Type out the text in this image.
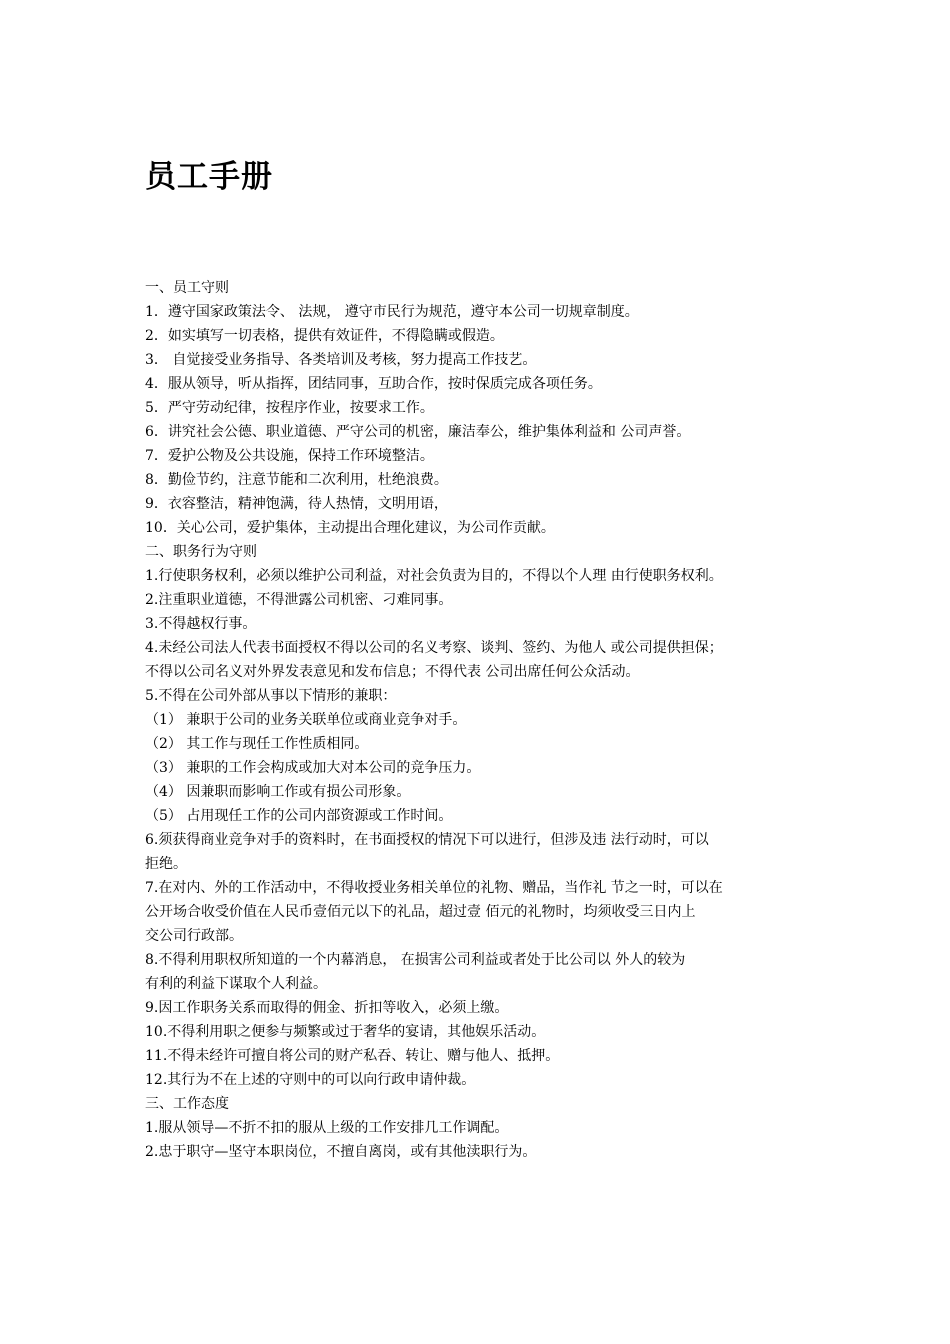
员工手册
一、员工守则
1．遵守国家政策法令、 法规， 遵守市民行为规范，遵守本公司一切规章制度。
2．如实填写一切表格，提供有效证件，不得隐瞒或假造。
3． 自觉接受业务指导、各类培训及考核，努力提高工作技艺。
4．服从领导，听从指挥，团结同事，互助合作，按时保质完成各项任务。
5．严守劳动纪律，按程序作业，按要求工作。
6．讲究社会公德、职业道德、严守公司的机密，廉洁奉公，维护集体利益和 公司声誉。
7．爱护公物及公共设施，保持工作环境整洁。
8．勤俭节约，注意节能和二次利用，杜绝浪费。
9．衣容整洁，精神饱满，待人热情，文明用语，
10．关心公司，爱护集体，主动提出合理化建议，为公司作贡献。
二、职务行为守则
1.行使职务权利，必须以维护公司利益，对社会负责为目的，不得以个人理 由行使职务权利。
2.注重职业道德，不得泄露公司机密、刁难同事。
3.不得越权行事。
4.未经公司法人代表书面授权不得以公司的名义考察、谈判、签约、为他人 或公司提供担保；
不得以公司名义对外界发表意见和发布信息；不得代表 公司出席任何公众活动。
5.不得在公司外部从事以下情形的兼职：
（1） 兼职于公司的业务关联单位或商业竞争对手。
（2） 其工作与现任工作性质相同。
（3） 兼职的工作会构成或加大对本公司的竞争压力。
（4） 因兼职而影响工作或有损公司形象。
（5） 占用现任工作的公司内部资源或工作时间。
6.须获得商业竞争对手的资料时，在书面授权的情况下可以进行，但涉及违 法行动时，可以
拒绝。
7.在对内、外的工作活动中，不得收授业务相关单位的礼物、赠品，当作礼 节之一时，可以在
公开场合收受价值在人民币壹佰元以下的礼品，超过壹 佰元的礼物时，均须收受三日内上
交公司行政部。
8.不得利用职权所知道的一个内幕消息， 在损害公司利益或者处于比公司以 外人的较为
有利的利益下谋取个人利益。
9.因工作职务关系而取得的佣金、折扣等收入，必须上缴。
10.不得利用职之便参与频繁或过于奢华的宴请，其他娱乐活动。
11.不得未经许可擅自将公司的财产私吞、转让、赠与他人、抵押。
12.其行为不在上述的守则中的可以向行政申请仲裁。
三、工作态度
1.服从领导—不折不扣的服从上级的工作安排几工作调配。
2.忠于职守—坚守本职岗位，不擅自离岗，或有其他渎职行为。
